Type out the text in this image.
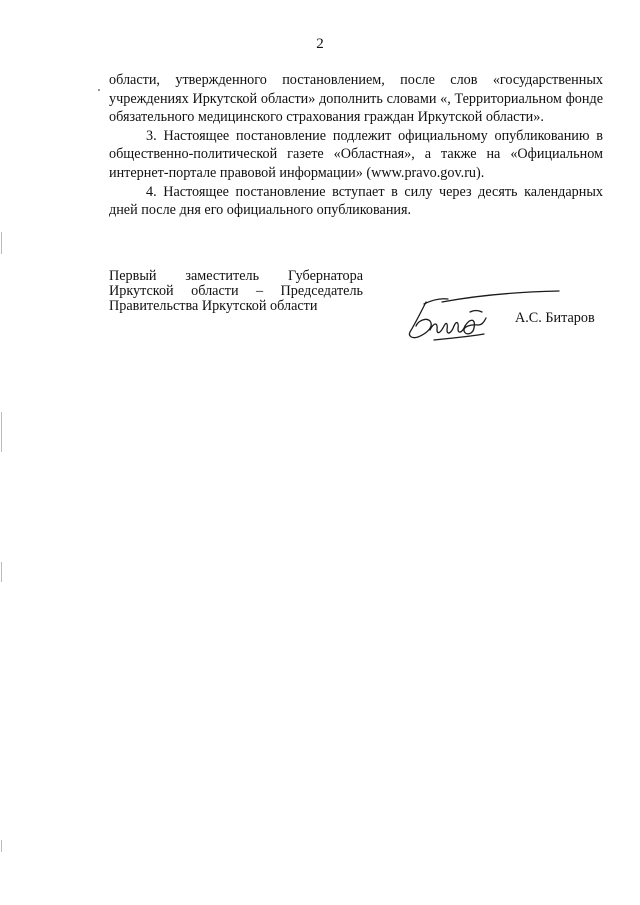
2

области, утвержденного постановлением, после слов «государственных учреждениях Иркутской области» дополнить словами «, Территориальном фонде обязательного медицинского страхования граждан Иркутской области».

3. Настоящее постановление подлежит официальному опубликованию в общественно-политической газете «Областная», а также на «Официальном интернет-портале правовой информации» (www.pravo.gov.ru).

4. Настоящее постановление вступает в силу через десять календарных дней после дня его официального опубликования.

Первый заместитель Губернатора
Иркутской области – Председатель
Правительства Иркутской области
А.С. Битаров
